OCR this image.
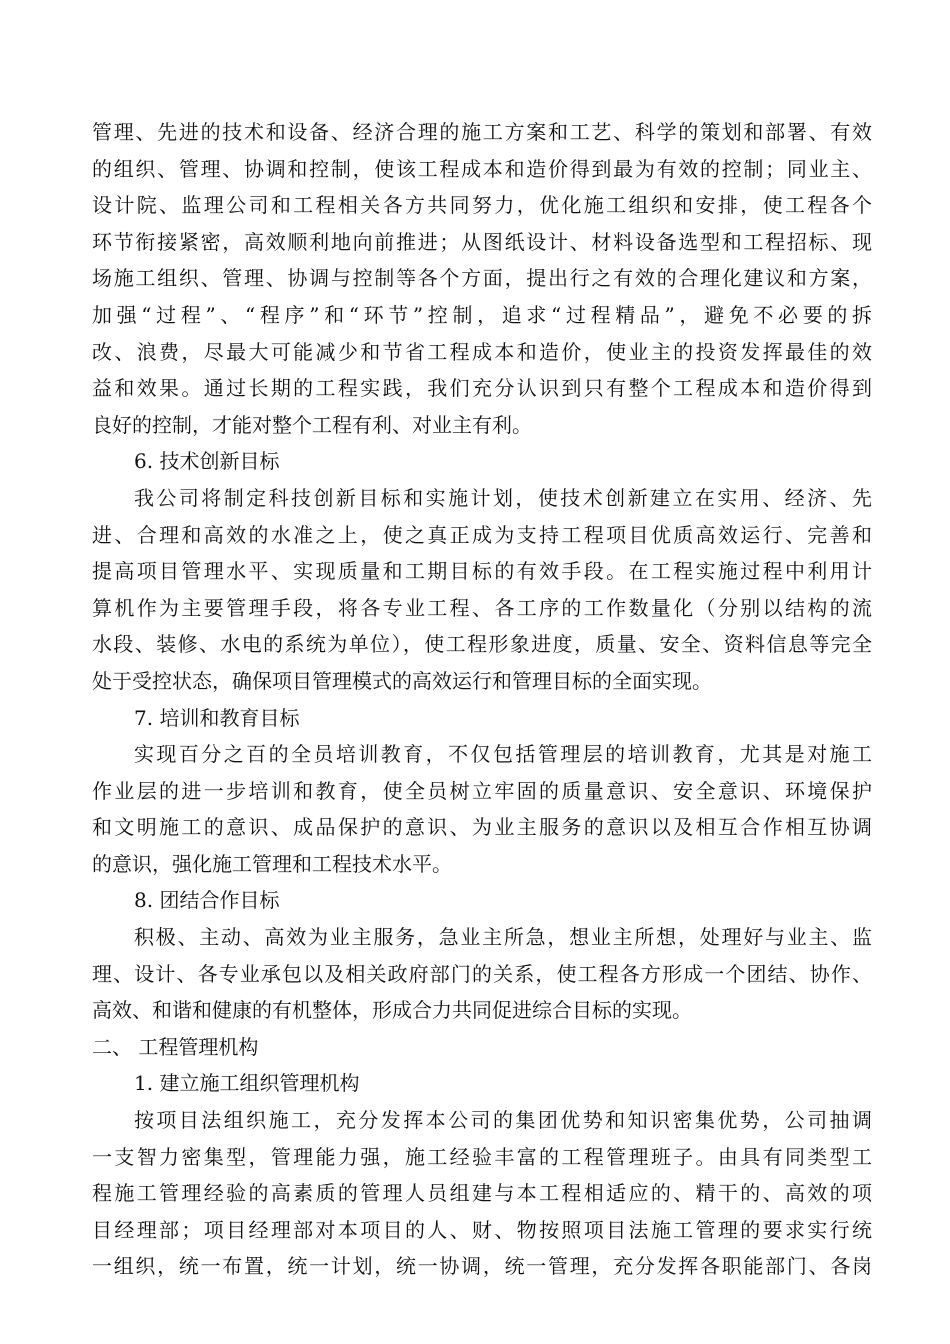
管理、先进的技术和设备、经济合理的施工方案和工艺、科学的策划和部署、有效
的组织、管理、协调和控制，使该工程成本和造价得到最为有效的控制；同业主、
设计院、监理公司和工程相关各方共同努力，优化施工组织和安排，使工程各个
环节衔接紧密，高效顺利地向前推进；从图纸设计、材料设备选型和工程招标、现
场施工组织、管理、协调与控制等各个方面，提出行之有效的合理化建议和方案，
加强“过程”、“程序”和“环节”控制，追求“过程精品”，避免不必要的拆
改、浪费，尽最大可能减少和节省工程成本和造价，使业主的投资发挥最佳的效
益和效果。通过长期的工程实践，我们充分认识到只有整个工程成本和造价得到
良好的控制，才能对整个工程有利、对业主有利。
6. 技术创新目标
我公司将制定科技创新目标和实施计划，使技术创新建立在实用、经济、先
进、合理和高效的水准之上，使之真正成为支持工程项目优质高效运行、完善和
提高项目管理水平、实现质量和工期目标的有效手段。在工程实施过程中利用计
算机作为主要管理手段，将各专业工程、各工序的工作数量化（分别以结构的流
水段、装修、水电的系统为单位），使工程形象进度，质量、安全、资料信息等完全
处于受控状态，确保项目管理模式的高效运行和管理目标的全面实现。
7. 培训和教育目标
实现百分之百的全员培训教育，不仅包括管理层的培训教育，尤其是对施工
作业层的进一步培训和教育，使全员树立牢固的质量意识、安全意识、环境保护
和文明施工的意识、成品保护的意识、为业主服务的意识以及相互合作相互协调
的意识，强化施工管理和工程技术水平。
8. 团结合作目标
积极、主动、高效为业主服务，急业主所急，想业主所想，处理好与业主、监
理、设计、各专业承包以及相关政府部门的关系，使工程各方形成一个团结、协作、
高效、和谐和健康的有机整体，形成合力共同促进综合目标的实现。
二、 工程管理机构
1. 建立施工组织管理机构
按项目法组织施工，充分发挥本公司的集团优势和知识密集优势，公司抽调
一支智力密集型，管理能力强，施工经验丰富的工程管理班子。由具有同类型工
程施工管理经验的高素质的管理人员组建与本工程相适应的、精干的、高效的项
目经理部；项目经理部对本项目的人、财、物按照项目法施工管理的要求实行统
一组织，统一布置，统一计划，统一协调，统一管理，充分发挥各职能部门、各岗
